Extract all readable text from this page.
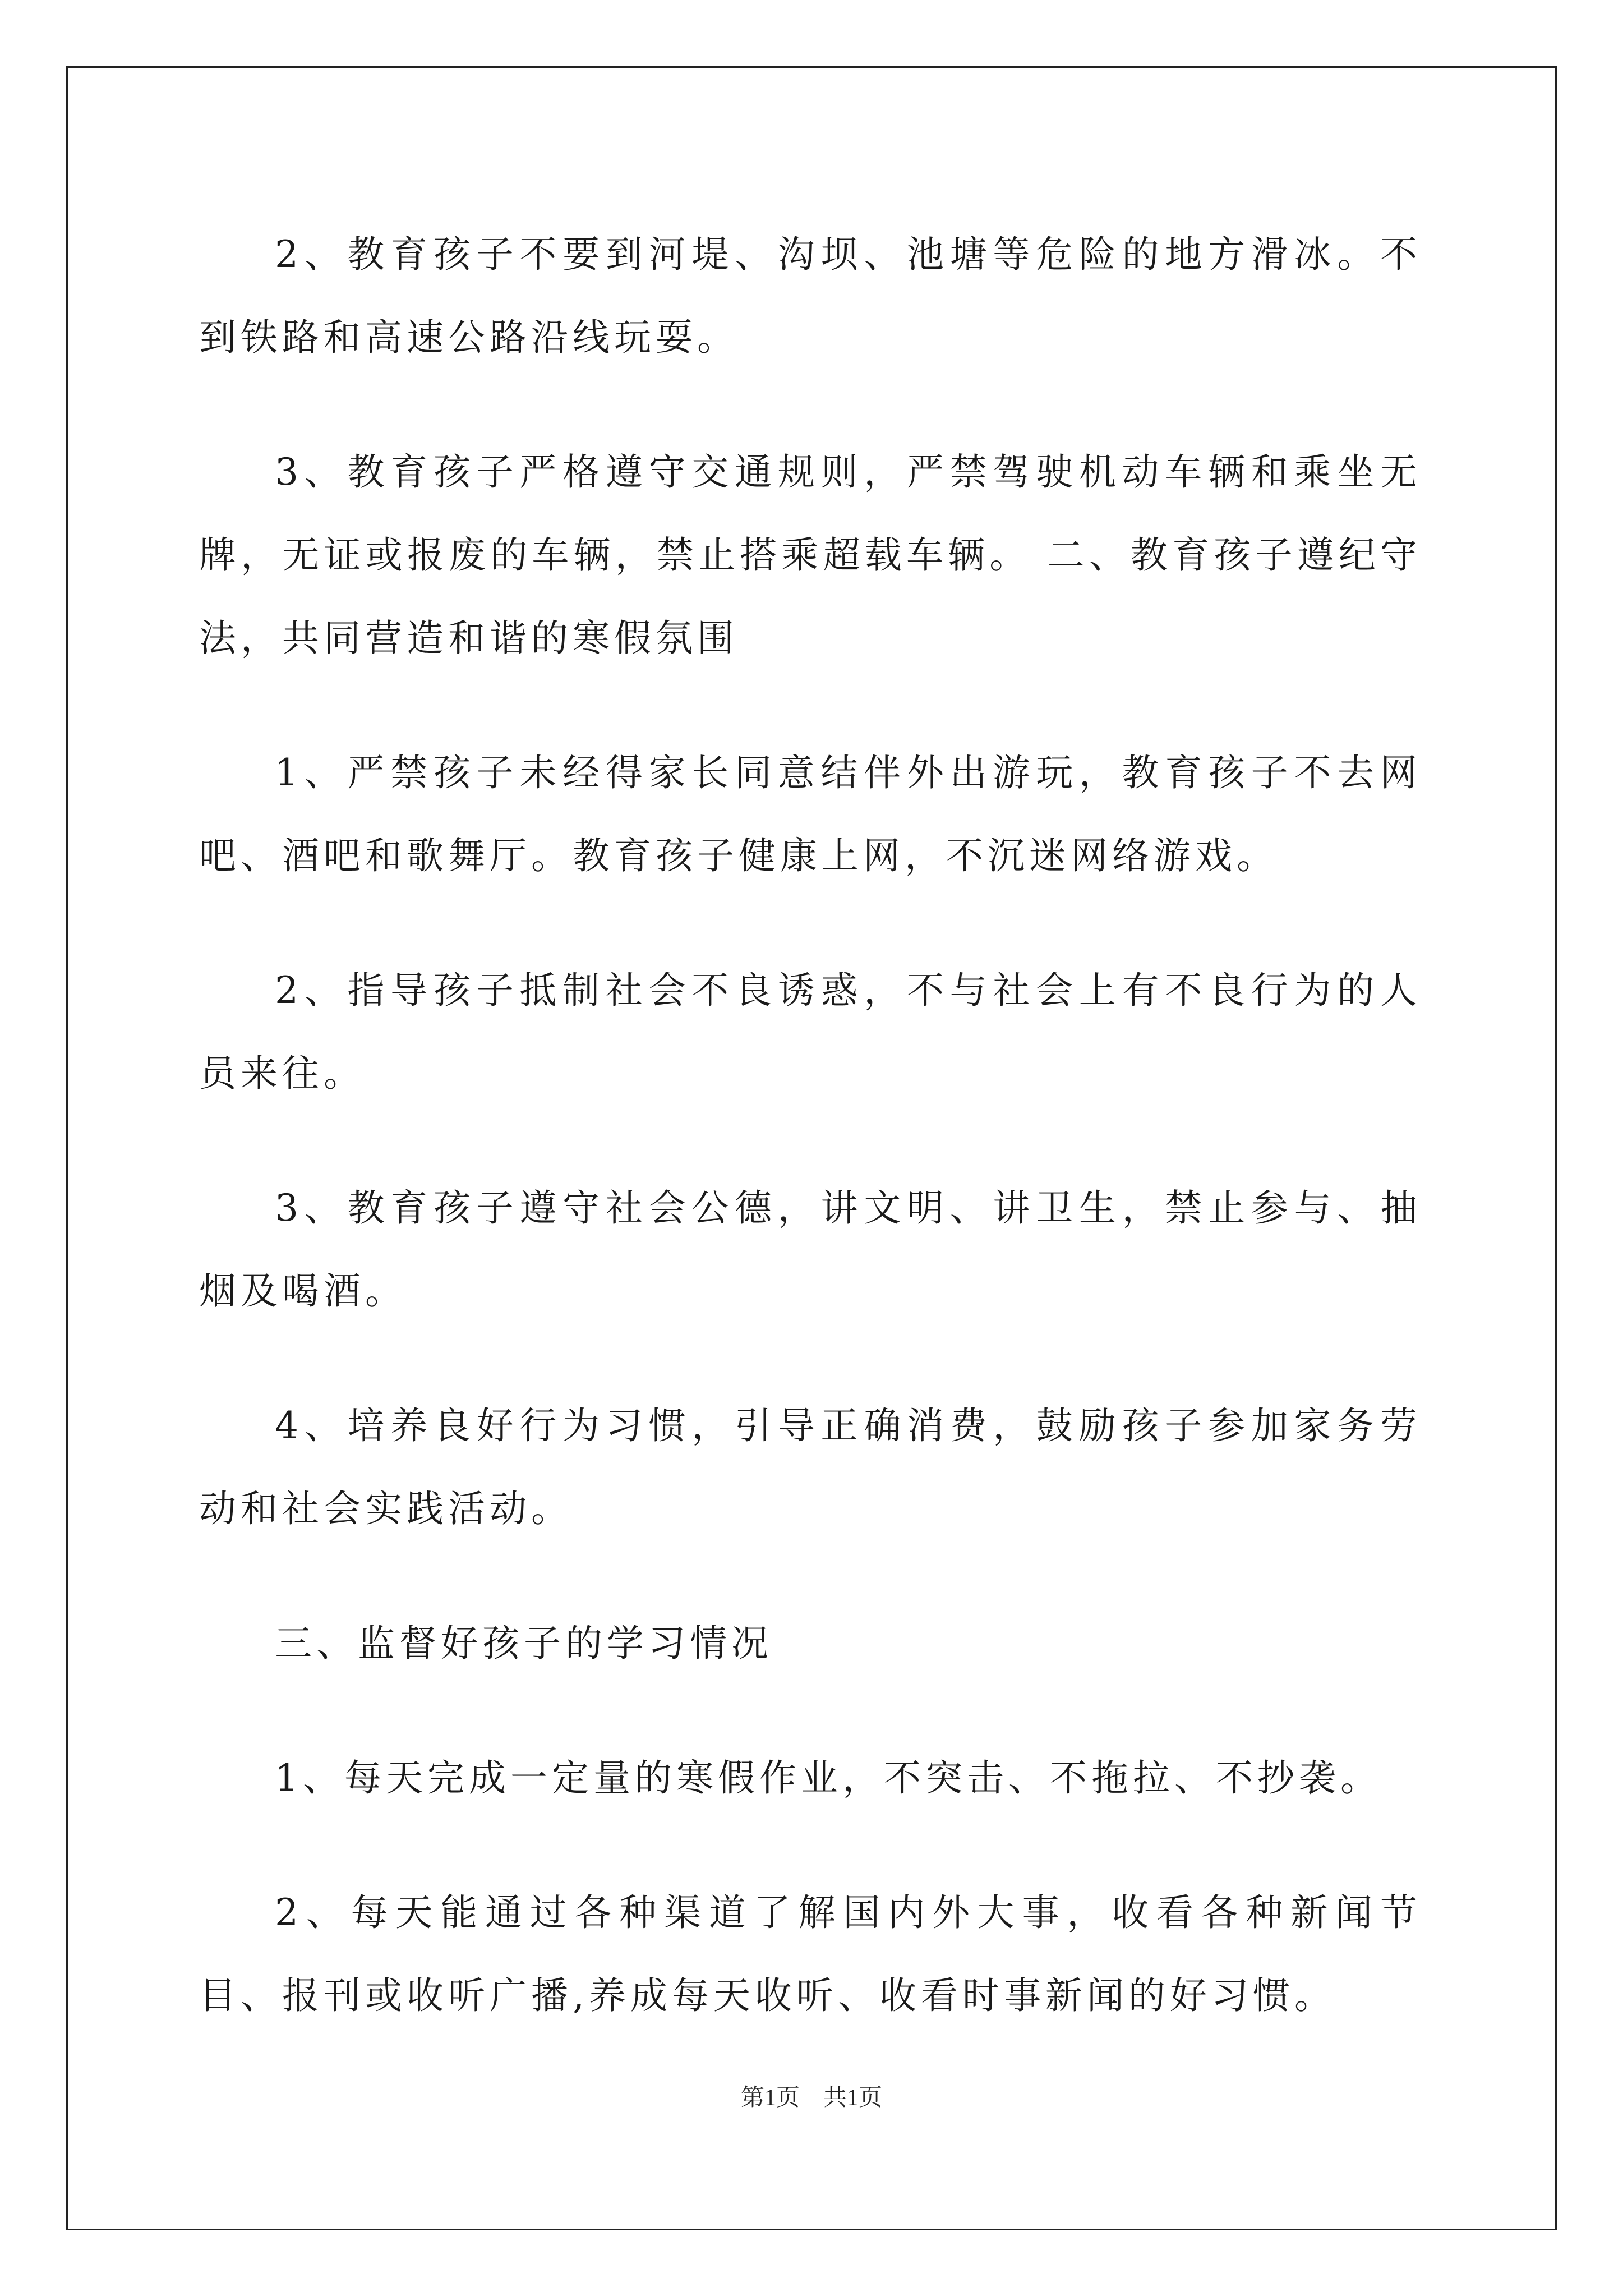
2、教育孩子不要到河堤、沟坝、池塘等危险的地方滑冰。不到铁路和高速公路沿线玩耍。

3、教育孩子严格遵守交通规则，严禁驾驶机动车辆和乘坐无牌，无证或报废的车辆，禁止搭乘超载车辆。 二、教育孩子遵纪守法，共同营造和谐的寒假氛围

1、严禁孩子未经得家长同意结伴外出游玩，教育孩子不去网吧、酒吧和歌舞厅。教育孩子健康上网，不沉迷网络游戏。

2、指导孩子抵制社会不良诱惑，不与社会上有不良行为的人员来往。

3、教育孩子遵守社会公德，讲文明、讲卫生，禁止参与、抽烟及喝酒。

4、培养良好行为习惯，引导正确消费，鼓励孩子参加家务劳动和社会实践活动。

三、监督好孩子的学习情况

1、每天完成一定量的寒假作业，不突击、不拖拉、不抄袭。

2、每天能通过各种渠道了解国内外大事，收看各种新闻节目、报刊或收听广播,养成每天收听、收看时事新闻的好习惯。

第1页　共1页
